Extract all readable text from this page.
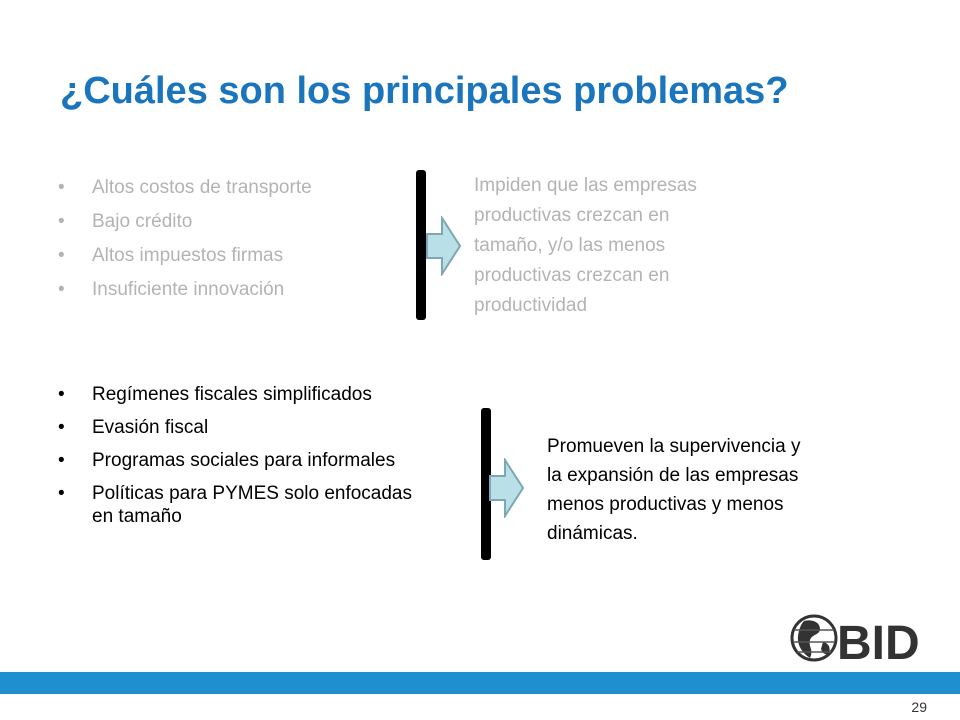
¿Cuáles son los principales problemas?
• Altos costos de transporte
• Bajo crédito
• Altos impuestos firmas
• Insuficiente innovación

Impiden que las empresas
productivas crezcan en
tamaño, y/o las menos
productivas crezcan en
productividad

• Regímenes fiscales simplificados
• Evasión fiscal
• Programas sociales para informales
• Políticas para PYMES solo enfocadas en tamaño

Promueven la supervivencia y
la expansión de las empresas
menos productivas y menos
dinámicas.

BID
29
